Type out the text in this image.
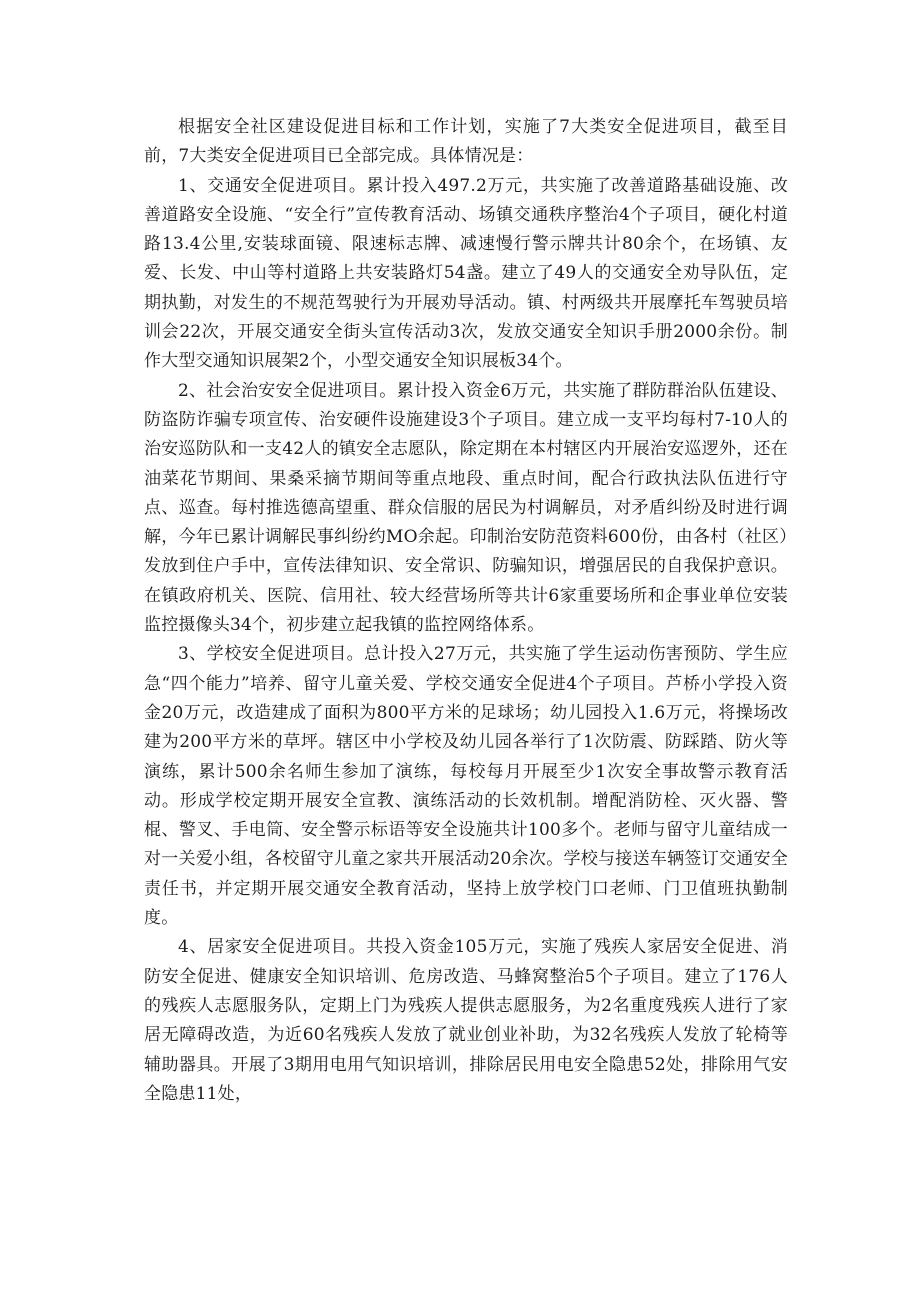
根据安全社区建设促进目标和工作计划，实施了7大类安全促进项目，截至目前，7大类安全促进项目已全部完成。具体情况是：

1、交通安全促进项目。累计投入497.2万元，共实施了改善道路基础设施、改善道路安全设施、“安全行”宣传教育活动、场镇交通秩序整治4个子项目，硬化村道路13.4公里,安装球面镜、限速标志牌、减速慢行警示牌共计80余个，在场镇、友爱、长发、中山等村道路上共安装路灯54盏。建立了49人的交通安全劝导队伍，定期执勤，对发生的不规范驾驶行为开展劝导活动。镇、村两级共开展摩托车驾驶员培训会22次，开展交通安全街头宣传活动3次，发放交通安全知识手册2000余份。制作大型交通知识展架2个，小型交通安全知识展板34个。

2、社会治安安全促进项目。累计投入资金6万元，共实施了群防群治队伍建设、防盗防诈骗专项宣传、治安硬件设施建设3个子项目。建立成一支平均每村7-10人的治安巡防队和一支42人的镇安全志愿队，除定期在本村辖区内开展治安巡逻外，还在油菜花节期间、果桑采摘节期间等重点地段、重点时间，配合行政执法队伍进行守点、巡查。每村推选德高望重、群众信服的居民为村调解员，对矛盾纠纷及时进行调解，今年已累计调解民事纠纷约MO余起。印制治安防范资料600份，由各村（社区）发放到住户手中，宣传法律知识、安全常识、防骗知识，增强居民的自我保护意识。在镇政府机关、医院、信用社、较大经营场所等共计6家重要场所和企事业单位安装监控摄像头34个，初步建立起我镇的监控网络体系。

3、学校安全促进项目。总计投入27万元，共实施了学生运动伤害预防、学生应急“四个能力”培养、留守儿童关爱、学校交通安全促进4个子项目。芦桥小学投入资金20万元，改造建成了面积为800平方米的足球场；幼儿园投入1.6万元，将操场改建为200平方米的草坪。辖区中小学校及幼儿园各举行了1次防震、防踩踏、防火等演练，累计500余名师生参加了演练，每校每月开展至少1次安全事故警示教育活动。形成学校定期开展安全宣教、演练活动的长效机制。增配消防栓、灭火器、警棍、警叉、手电筒、安全警示标语等安全设施共计100多个。老师与留守儿童结成一对一关爱小组，各校留守儿童之家共开展活动20余次。学校与接送车辆签订交通安全责任书，并定期开展交通安全教育活动，坚持上放学校门口老师、门卫值班执勤制度。

4、居家安全促进项目。共投入资金105万元，实施了残疾人家居安全促进、消防安全促进、健康安全知识培训、危房改造、马蜂窝整治5个子项目。建立了176人的残疾人志愿服务队，定期上门为残疾人提供志愿服务，为2名重度残疾人进行了家居无障碍改造，为近60名残疾人发放了就业创业补助，为32名残疾人发放了轮椅等辅助器具。开展了3期用电用气知识培训，排除居民用电安全隐患52处，排除用气安全隐患11处，
